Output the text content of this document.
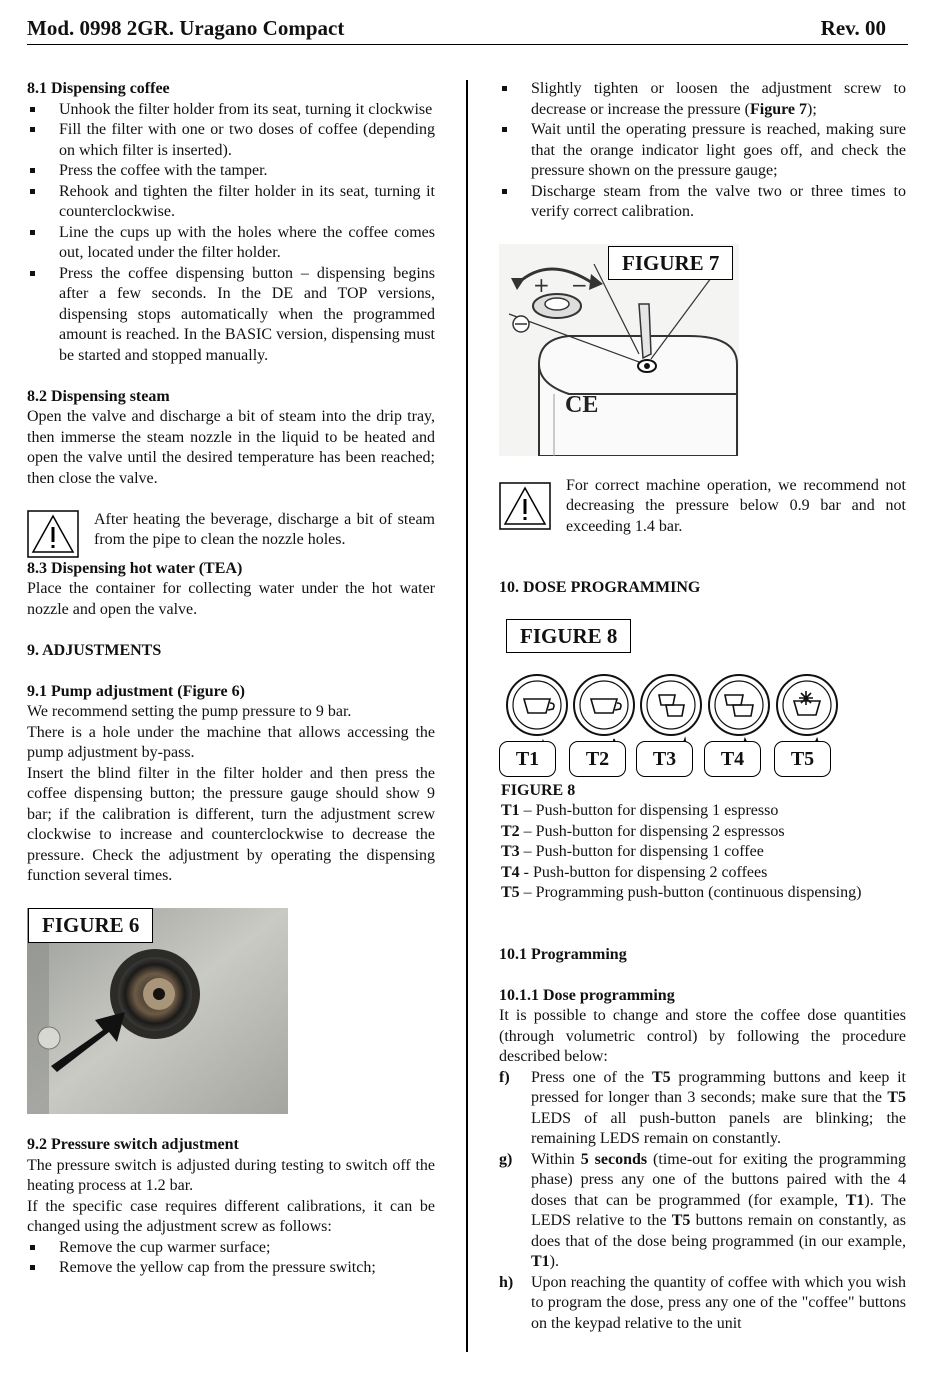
Mod. 0998 2GR. Uragano Compact	Rev. 00

8.1 Dispensing coffee

Unhook the filter holder from its seat, turning it clockwise
Fill the filter with one or two doses of coffee (depending on which filter is inserted).
Press the coffee with the tamper.
Rehook and tighten the filter holder in its seat, turning it counterclockwise.
Line the cups up with the holes where the coffee comes out, located under the filter holder.
Press the coffee dispensing button – dispensing begins after a few seconds. In the DE and TOP versions, dispensing stops automatically when the programmed amount is reached. In the BASIC version, dispensing must be started and stopped manually.

8.2 Dispensing steam

Open the valve and discharge a bit of steam into the drip tray, then immerse the steam nozzle in the liquid to be heated and open the valve until the desired temperature has been reached; then close the valve.

After heating the beverage, discharge a bit of steam from the pipe to clean the nozzle holes.

8.3 Dispensing hot water (TEA)

Place the container for collecting water under the hot water nozzle and open the valve.

9. ADJUSTMENTS

9.1 Pump adjustment (Figure 6)

We recommend setting the pump pressure to 9 bar.

There is a hole under the machine that allows accessing the pump adjustment by-pass.

Insert the blind filter in the filter holder and then press the coffee dispensing button; the pressure gauge should show 9 bar; if the calibration is different, turn the adjustment screw clockwise to increase and counterclockwise to decrease the pressure. Check the adjustment by operating the dispensing function several times.

FIGURE 6

9.2 Pressure switch adjustment

The pressure switch is adjusted during testing to switch off the heating process at 1.2 bar.

If the specific case requires different calibrations, it can be changed using the adjustment screw as follows:

Remove the cup warmer surface;
Remove the yellow cap from the pressure switch;
Slightly tighten or loosen the adjustment screw to decrease or increase the pressure (Figure 7);
Wait until the operating pressure is reached, making sure that the orange indicator light goes off, and check the pressure shown on the pressure gauge;
Discharge steam from the valve two or three times to verify correct calibration.
CE
+ −
FIGURE 7

For correct machine operation, we recommend not decreasing the pressure below 0.9 bar and not exceeding 1.4 bar.

10. DOSE PROGRAMMING

FIGURE 8
T1	T2	T3	T4	T5

FIGURE 8

T1 – Push-button for dispensing 1 espresso

T2 – Push-button for dispensing 2 espressos

T3 – Push-button for dispensing 1 coffee

T4 - Push-button for dispensing 2 coffees

T5 – Programming push-button (continuous dispensing)

10.1 Programming

10.1.1 Dose programming

It is possible to change and store the coffee dose quantities (through volumetric control) by following the procedure described below:

f) Press one of the T5 programming buttons and keep it pressed for longer than 3 seconds; make sure that the T5 LEDS of all push-button panels are blinking; the remaining LEDS remain on constantly.
g) Within 5 seconds (time-out for exiting the programming phase) press any one of the buttons paired with the 4 doses that can be programmed (for example, T1). The LEDS relative to the T5 buttons remain on constantly, as does that of the dose being programmed (in our example, T1).
h) Upon reaching the quantity of coffee with which you wish to program the dose, press any one of the "coffee" buttons on the keypad relative to the unit
